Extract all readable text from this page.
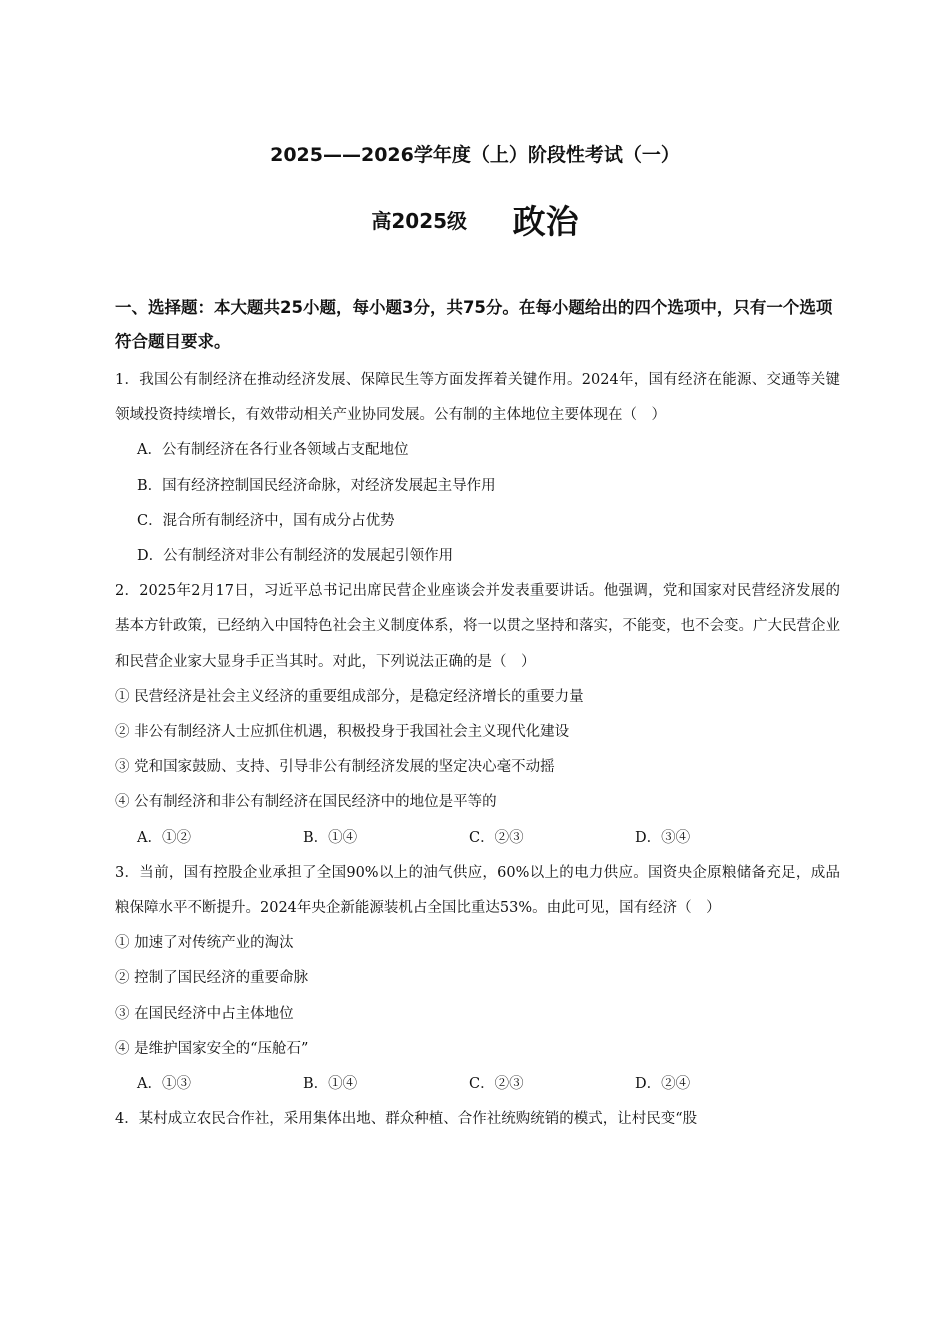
2025——2026学年度（上）阶段性考试（一）
高2025级 政治
一、选择题：本大题共25小题，每小题3分，共75分。在每小题给出的四个选项中，只有一个选项符合题目要求。
1．我国公有制经济在推动经济发展、保障民生等方面发挥着关键作用。2024年，国有经济在能源、交通等关键领域投资持续增长，有效带动相关产业协同发展。公有制的主体地位主要体现在（　）
A．公有制经济在各行业各领域占支配地位
B．国有经济控制国民经济命脉，对经济发展起主导作用
C．混合所有制经济中，国有成分占优势
D．公有制经济对非公有制经济的发展起引领作用
2．2025年2月17日，习近平总书记出席民营企业座谈会并发表重要讲话。他强调，党和国家对民营经济发展的基本方针政策，已经纳入中国特色社会主义制度体系，将一以贯之坚持和落实，不能变，也不会变。广大民营企业和民营企业家大显身手正当其时。对此，下列说法正确的是（　）
① 民营经济是社会主义经济的重要组成部分，是稳定经济增长的重要力量
② 非公有制经济人士应抓住机遇，积极投身于我国社会主义现代化建设
③ 党和国家鼓励、支持、引导非公有制经济发展的坚定决心毫不动摇
④ 公有制经济和非公有制经济在国民经济中的地位是平等的
A．①②	B．①④	C．②③	D．③④
3．当前，国有控股企业承担了全国90%以上的油气供应，60%以上的电力供应。国资央企原粮储备充足，成品粮保障水平不断提升。2024年央企新能源装机占全国比重达53%。由此可见，国有经济（　）
① 加速了对传统产业的淘汰
② 控制了国民经济的重要命脉
③ 在国民经济中占主体地位
④ 是维护国家安全的“压舱石”
A．①③	B．①④	C．②③	D．②④
4．某村成立农民合作社，采用集体出地、群众种植、合作社统购统销的模式，让村民变“股
